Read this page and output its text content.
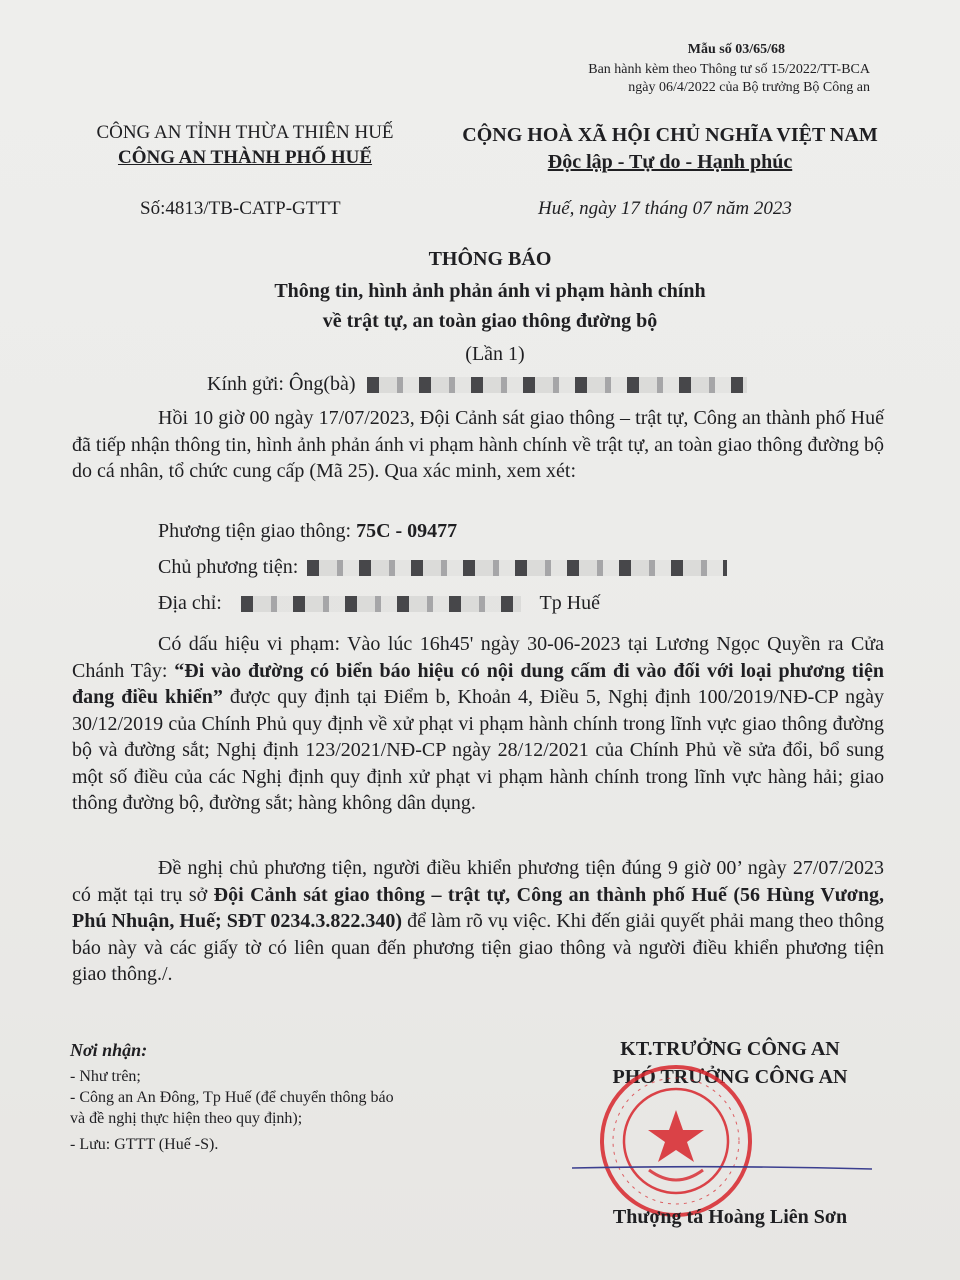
Mẫu số 03/65/68
Ban hành kèm theo Thông tư số 15/2022/TT-BCA
ngày 06/4/2022 của Bộ trưởng Bộ Công an
CÔNG AN TỈNH THỪA THIÊN HUẾ
CÔNG AN THÀNH PHỐ HUẾ
Số:4813/TB-CATP-GTTT
CỘNG HOÀ XÃ HỘI CHỦ NGHĨA VIỆT NAM
Độc lập - Tự do - Hạnh phúc
Huế, ngày 17 tháng 07 năm 2023
THÔNG BÁO
Thông tin, hình ảnh phản ánh vi phạm hành chính
về trật tự, an toàn giao thông đường bộ
(Lần 1)
Kính gửi: Ông(bà)
Hồi 10 giờ 00 ngày 17/07/2023, Đội Cảnh sát giao thông – trật tự, Công an thành phố Huế đã tiếp nhận thông tin, hình ảnh phản ánh vi phạm hành chính về trật tự, an toàn giao thông đường bộ do cá nhân, tổ chức cung cấp (Mã 25). Qua xác minh, xem xét:
Phương tiện giao thông: 75C - 09477
Chủ phương tiện:
Địa chỉ:	Tp Huế
Có dấu hiệu vi phạm: Vào lúc 16h45' ngày 30-06-2023 tại Lương Ngọc Quyền ra Cửa Chánh Tây: “Đi vào đường có biển báo hiệu có nội dung cấm đi vào đối với loại phương tiện đang điều khiển” được quy định tại Điểm b, Khoản 4, Điều 5, Nghị định 100/2019/NĐ-CP ngày 30/12/2019 của Chính Phủ quy định về xử phạt vi phạm hành chính trong lĩnh vực giao thông đường bộ và đường sắt; Nghị định 123/2021/NĐ-CP ngày 28/12/2021 của Chính Phủ về sửa đổi, bổ sung một số điều của các Nghị định quy định xử phạt vi phạm hành chính trong lĩnh vực hàng hải; giao thông đường bộ, đường sắt; hàng không dân dụng.
Đề nghị chủ phương tiện, người điều khiển phương tiện đúng 9 giờ 00’ ngày 27/07/2023 có mặt tại trụ sở Đội Cảnh sát giao thông – trật tự, Công an thành phố Huế (56 Hùng Vương, Phú Nhuận, Huế; SĐT 0234.3.822.340) để làm rõ vụ việc. Khi đến giải quyết phải mang theo thông báo này và các giấy tờ có liên quan đến phương tiện giao thông và người điều khiển phương tiện giao thông./.
Nơi nhận:
- Như trên;
- Công an An Đông, Tp Huế (để chuyển thông báo
và đề nghị thực hiện theo quy định);
- Lưu: GTTT (Huế -S).
KT.TRƯỞNG CÔNG AN
PHÓ TRƯỞNG CÔNG AN
Thượng tá Hoàng Liên Sơn
